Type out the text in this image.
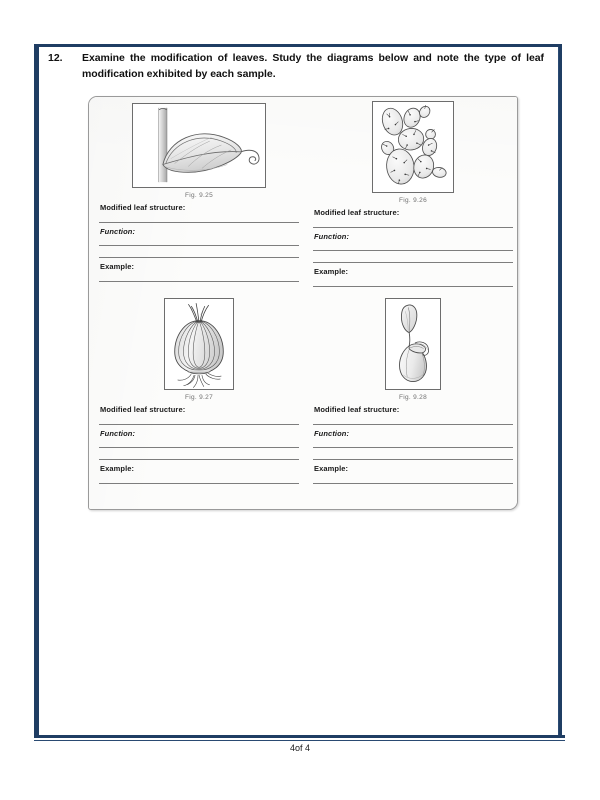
12.	Examine the modification of leaves. Study the diagrams below and note the type of leaf modification exhibited by each sample.
Fig. 9.25
Modified leaf structure:
Function:
Example:
Fig. 9.26
Modified leaf structure:
Function:
Example:
Fig. 9.27
Modified leaf structure:
Function:
Example:
Fig. 9.28
Modified leaf structure:
Function:
Example:
4of 4
